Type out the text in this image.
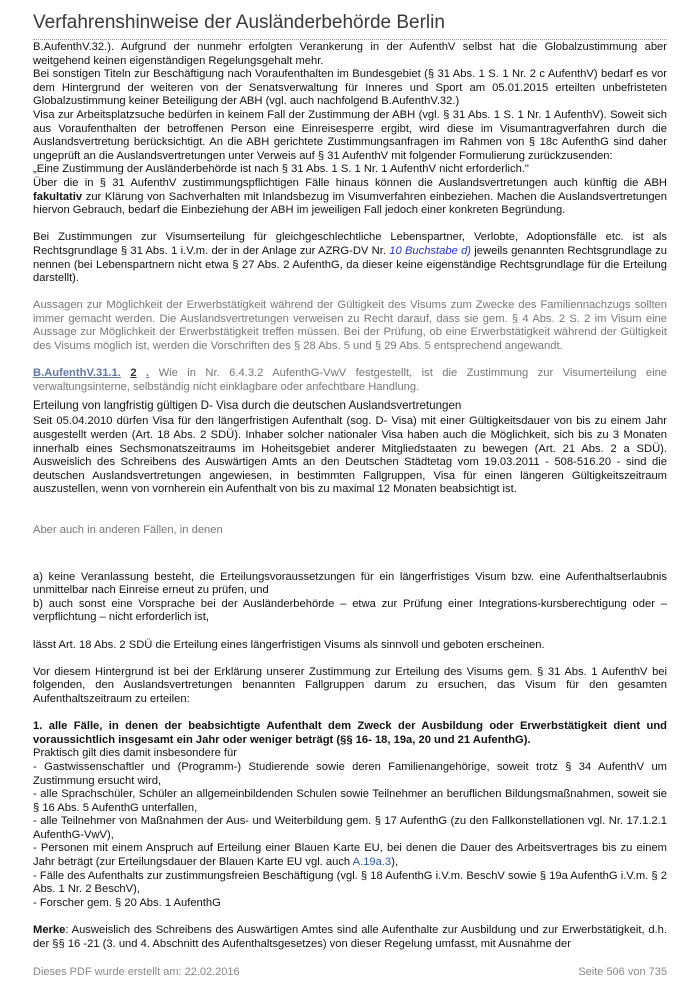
Verfahrenshinweise der Ausländerbehörde Berlin

B.AufenthV.32.). Aufgrund der nunmehr erfolgten Verankerung in der AufenthV selbst hat die Globalzustimmung aber weitgehend keinen eigenständigen Regelungsgehalt mehr.

Bei sonstigen Titeln zur Beschäftigung nach Voraufenthalten im Bundesgebiet (§ 31 Abs. 1 S. 1 Nr. 2 c AufenthV) bedarf es vor dem Hintergrund der weiteren von der Senatsverwaltung für Inneres und Sport am 05.01.2015 erteilten unbefristeten Globalzustimmung keiner Beteiligung der ABH (vgl. auch nachfolgend B.AufenthV.32.)

Visa zur Arbeitsplatzsuche bedürfen in keinem Fall der Zustimmung der ABH (vgl. § 31 Abs. 1 S. 1 Nr. 1 AufenthV). Soweit sich aus Voraufenthalten der betroffenen Person eine Einreisesperre ergibt, wird diese im Visumantragverfahren durch die Auslandsvertretung berücksichtigt. An die ABH gerichtete Zustimmungsanfragen im Rahmen von § 18c AufenthG sind daher ungeprüft an die Auslandsvertretungen unter Verweis auf § 31 AufenthV mit folgender Formulierung zurückzusenden:

„Eine Zustimmung der Ausländerbehörde ist nach § 31 Abs. 1 S. 1 Nr. 1 AufenthV nicht erforderlich."

Über die in § 31 AufenthV zustimmungspflichtigen Fälle hinaus können die Auslandsvertretungen auch künftig die ABH fakultativ zur Klärung von Sachverhalten mit Inlandsbezug im Visumverfahren einbeziehen. Machen die Auslandsvertretungen hiervon Gebrauch, bedarf die Einbeziehung der ABH im jeweiligen Fall jedoch einer konkreten Begründung.

Bei Zustimmungen zur Visumserteilung für gleichgeschlechtliche Lebenspartner, Verlobte, Adoptionsfälle etc. ist als Rechtsgrundlage § 31 Abs. 1 i.V.m. der in der Anlage zur AZRG-DV Nr. 10 Buchstabe d) jeweils genannten Rechtsgrundlage zu nennen (bei Lebenspartnern nicht etwa § 27 Abs. 2 AufenthG, da dieser keine eigenständige Rechtsgrundlage für die Erteilung darstellt).

Aussagen zur Möglichkeit der Erwerbstätigkeit während der Gültigkeit des Visums zum Zwecke des Familiennachzugs sollten immer gemacht werden. Die Auslandsvertretungen verweisen zu Recht darauf, dass sie gem. § 4 Abs. 2 S. 2 im Visum eine Aussage zur Möglichkeit der Erwerbstätigkeit treffen müssen. Bei der Prüfung, ob eine Erwerbstätigkeit während der Gültigkeit des Visums möglich ist, werden die Vorschriften des § 28 Abs. 5 und § 29 Abs. 5 entsprechend angewandt.

B.AufenthV.31.1. 2 . Wie in Nr. 6.4.3.2 AufenthG-VwV festgestellt, ist die Zustimmung zur Visumerteilung eine verwaltungsinterne, selbständig nicht einklagbare oder anfechtbare Handlung.

Erteilung von langfristig gültigen D- Visa durch die deutschen Auslandsvertretungen

Seit 05.04.2010 dürfen Visa für den längerfristigen Aufenthalt (sog. D- Visa) mit einer Gültigkeitsdauer von bis zu einem Jahr ausgestellt werden (Art. 18 Abs. 2 SDÜ). Inhaber solcher nationaler Visa haben auch die Möglichkeit, sich bis zu 3 Monaten innerhalb eines Sechsmonatszeitraums im Hoheitsgebiet anderer Mitgliedstaaten zu bewegen (Art. 21 Abs. 2 a SDÜ). Ausweislich des Schreibens des Auswärtigen Amts an den Deutschen Städtetag vom 19.03.2011 - 508-516.20 - sind die deutschen Auslandsvertretungen angewiesen, in bestimmten Fallgruppen, Visa für einen längeren Gültigkeitszeitraum auszustellen, wenn von vornherein ein Aufenthalt von bis zu maximal 12 Monaten beabsichtigt ist.

Aber auch in anderen Fällen, in denen

a) keine Veranlassung besteht, die Erteilungsvoraussetzungen für ein längerfristiges Visum bzw. eine Aufenthaltserlaubnis unmittelbar nach Einreise erneut zu prüfen, und

b) auch sonst eine Vorsprache bei der Ausländerbehörde – etwa zur Prüfung einer Integrations-kursberechtigung oder –verpflichtung – nicht erforderlich ist,

lässt Art. 18 Abs. 2 SDÜ die Erteilung eines längerfristigen Visums als sinnvoll und geboten erscheinen.

Vor diesem Hintergrund ist bei der Erklärung unserer Zustimmung zur Erteilung des Visums gem. § 31 Abs. 1 AufenthV bei folgenden, den Auslandsvertretungen benannten Fallgruppen darum zu ersuchen, das Visum für den gesamten Aufenthaltszeitraum zu erteilen:

1. alle Fälle, in denen der beabsichtigte Aufenthalt dem Zweck der Ausbildung oder Erwerbstätigkeit dient und voraussichtlich insgesamt ein Jahr oder weniger beträgt (§§ 16- 18, 19a, 20 und 21 AufenthG).

Praktisch gilt dies damit insbesondere für

- Gastwissenschaftler und (Programm-) Studierende sowie deren Familienangehörige, soweit trotz § 34 AufenthV um Zustimmung ersucht wird,

- alle Sprachschüler, Schüler an allgemeinbildenden Schulen sowie Teilnehmer an beruflichen Bildungsmaßnahmen, soweit sie § 16 Abs. 5 AufenthG unterfallen,

- alle Teilnehmer von Maßnahmen der Aus- und Weiterbildung gem. § 17 AufenthG (zu den Fallkonstellationen vgl. Nr. 17.1.2.1 AufenthG-VwV),

- Personen mit einem Anspruch auf Erteilung einer Blauen Karte EU, bei denen die Dauer des Arbeitsvertrages bis zu einem Jahr beträgt (zur Erteilungsdauer der Blauen Karte EU vgl. auch A.19a.3),

- Fälle des Aufenthalts zur zustimmungsfreien Beschäftigung (vgl. § 18 AufenthG i.V.m. BeschV sowie § 19a AufenthG i.V.m. § 2 Abs. 1 Nr. 2 BeschV),

- Forscher gem. § 20 Abs. 1 AufenthG

Merke: Ausweislich des Schreibens des Auswärtigen Amtes sind alle Aufenthalte zur Ausbildung und zur Erwerbstätigkeit, d.h. der §§ 16 -21 (3. und 4. Abschnitt des Aufenthaltsgesetzes) von dieser Regelung umfasst, mit Ausnahme der

Dieses PDF wurde erstellt am: 22.02.2016	Seite 506 von 735
